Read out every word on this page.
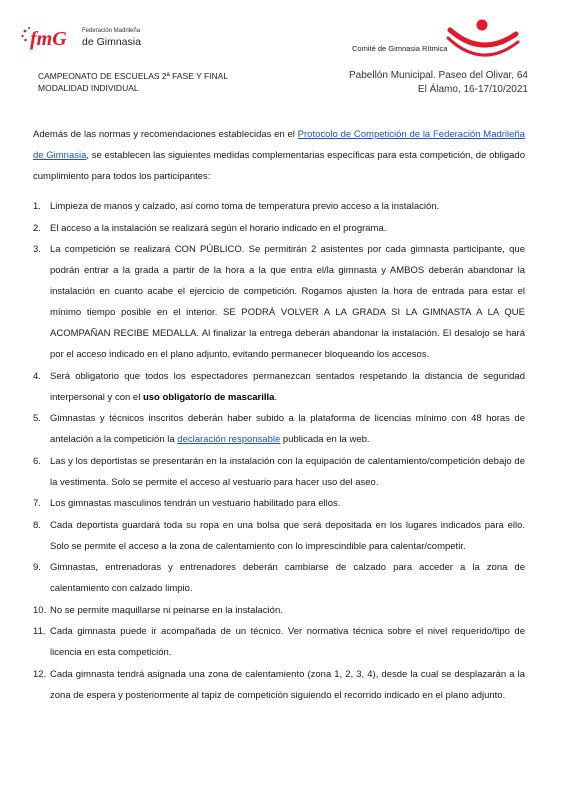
fmG	Federación Madrileña
de Gimnasia
Comité de Gimnasia Rítmica
CAMPEONATO DE ESCUELAS 2ª FASE Y FINAL
MODALIDAD INDIVIDUAL
Pabellón Municipal. Paseo del Olivar, 64
El Álamo, 16-17/10/2021

Además de las normas y recomendaciones establecidas en el Protocolo de Competición de la Federación Madrileña de Gimnasia, se establecen las siguientes medidas complementarias específicas para esta competición, de obligado cumplimiento para todos los participantes:

1. Limpieza de manos y calzado, así como toma de temperatura previo acceso a la instalación.
2. El acceso a la instalación se realizará según el horario indicado en el programa.
3. La competición se realizará CON PÚBLICO. Se permitirán 2 asistentes por cada gimnasta participante, que podrán entrar a la grada a partir de la hora a la que entra el/la gimnasta y AMBOS deberán abandonar la instalación en cuanto acabe el ejercicio de competición. Rogamos ajusten la hora de entrada para estar el mínimo tiempo posible en el interior. SE PODRÁ VOLVER A LA GRADA SI LA GIMNASTA A LA QUE ACOMPAÑAN RECIBE MEDALLA. Al finalizar la entrega deberán abandonar la instalación. El desalojo se hará por el acceso indicado en el plano adjunto, evitando permanecer bloqueando los accesos.
4. Será obligatorio que todos los espectadores permanezcan sentados respetando la distancia de seguridad interpersonal y con el uso obligatorio de mascarilla.
5. Gimnastas y técnicos inscritos deberán haber subido a la plataforma de licencias mínimo con 48 horas de antelación a la competición la declaración responsable publicada en la web.
6. Las y los deportistas se presentarán en la instalación con la equipación de calentamiento/competición debajo de la vestimenta. Solo se permite el acceso al vestuario para hacer uso del aseo.
7. Los gimnastas masculinos tendrán un vestuario habilitado para ellos.
8. Cada deportista guardará toda su ropa en una bolsa que será depositada en los lugares indicados para ello. Solo se permite el acceso a la zona de calentamiento con lo imprescindible para calentar/competir.
9. Gimnastas, entrenadoras y entrenadores deberán cambiarse de calzado para acceder a la zona de calentamiento con calzado limpio.
10. No se permite maquillarse ni peinarse en la instalación.
11. Cada gimnasta puede ir acompañada de un técnico. Ver normativa técnica sobre el nivel requerido/tipo de licencia en esta competición.
12. Cada gimnasta tendrá asignada una zona de calentamiento (zona 1, 2, 3, 4), desde la cual se desplazarán a la zona de espera y posteriormente al tapiz de competición siguiendo el recorrido indicado en el plano adjunto.
